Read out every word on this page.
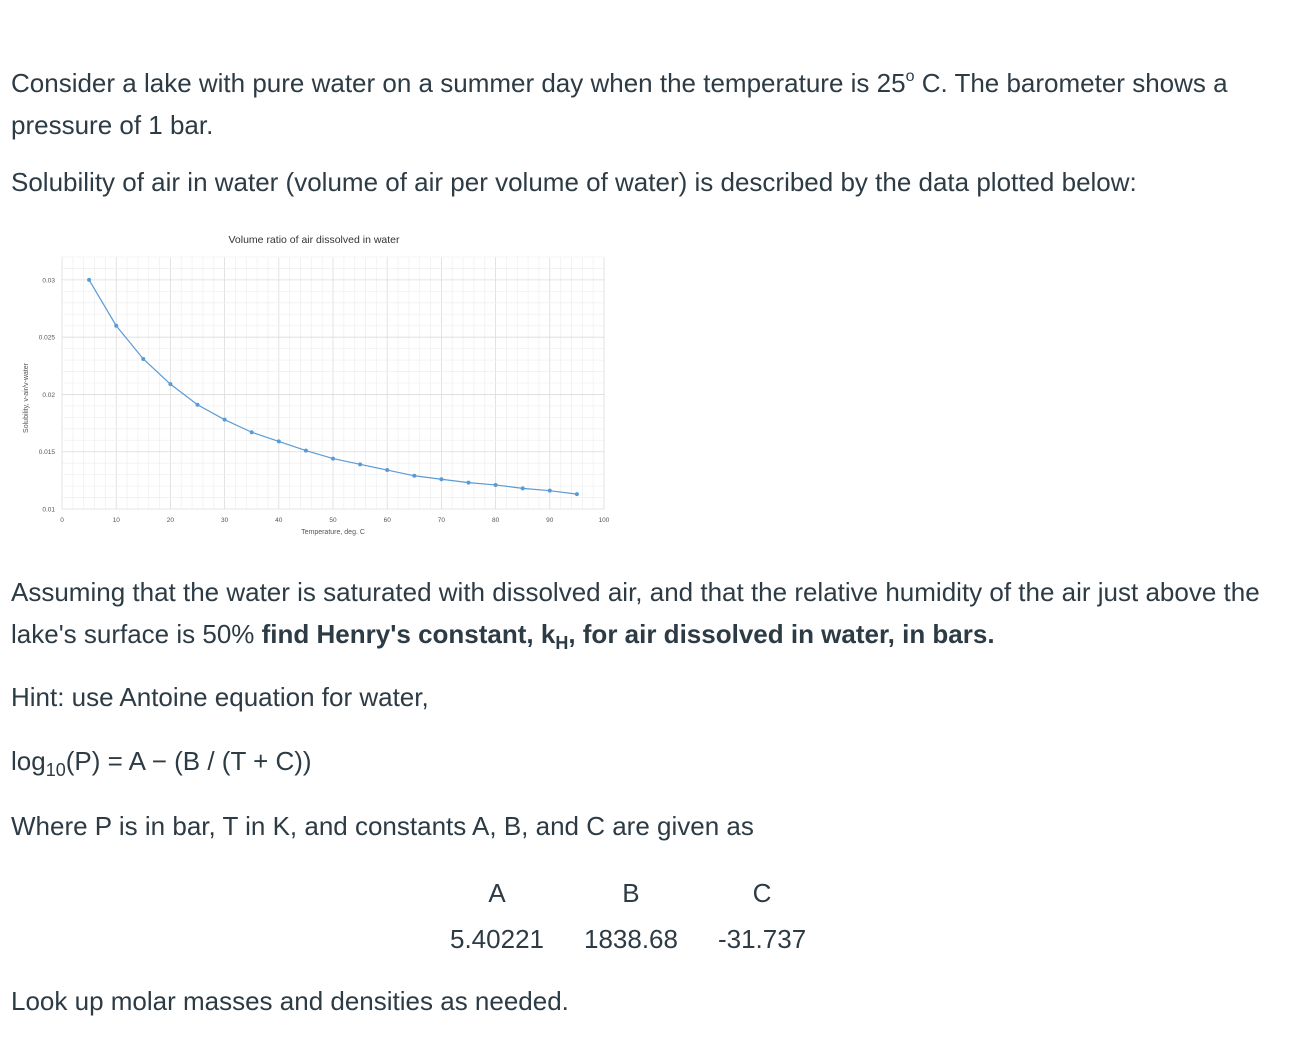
Consider a lake with pure water on a summer day when the temperature is 25$^o$ C. The barometer shows a pressure of 1 bar.

Solubility of air in water (volume of air per volume of water) is described by the data plotted below:

Volume ratio of air dissolved in water
Solubility, v-air/v-water
Temperature, deg. C
0.01
0.015
0.02
0.025
0.03
0	10	20	30	40	50	60	70	80	90	100

Assuming that the water is saturated with dissolved air, and that the relative humidity of the air just above the lake's surface is 50% find Henry's constant, $k_H$, for air dissolved in water, in bars.

Hint: use Antoine equation for water,

$\log_{10}(P) = A - (B / (T + C))$

Where P is in bar, T in K, and constants A, B, and C are given as

A	B	C
5.40221	1838.68	-31.737

Look up molar masses and densities as needed.
